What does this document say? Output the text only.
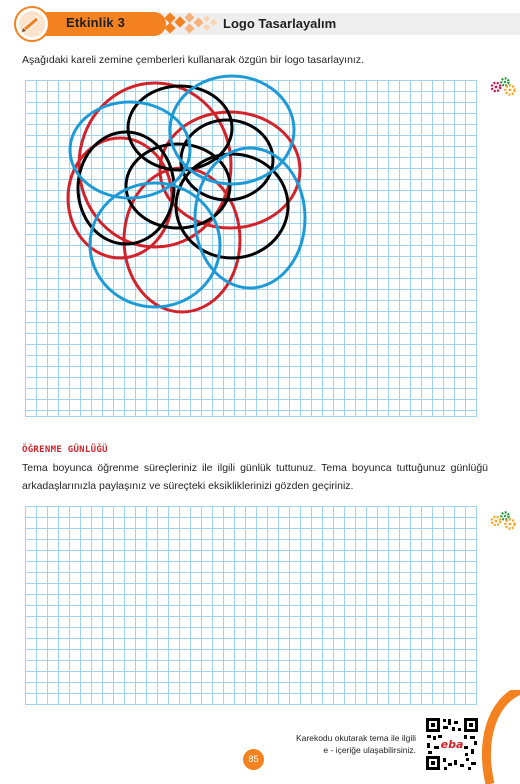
Etkinlik 3	Logo Tasarlayalım
Aşağıdaki kareli zemine çemberleri kullanarak özgün bir logo tasarlayınız.
ÖĞRENME GÜNLÜĞÜ
Tema boyunca öğrenme süreçleriniz ile ilgili günlük tuttunuz. Tema boyunca tuttuğunuz günlüğü arkadaşlarınızla paylaşınız ve süreçteki eksikliklerinizi gözden geçiriniz.
Karekodu okutarak tema ile ilgili
e - içeriğe ulaşabilirsiniz. eba
85
